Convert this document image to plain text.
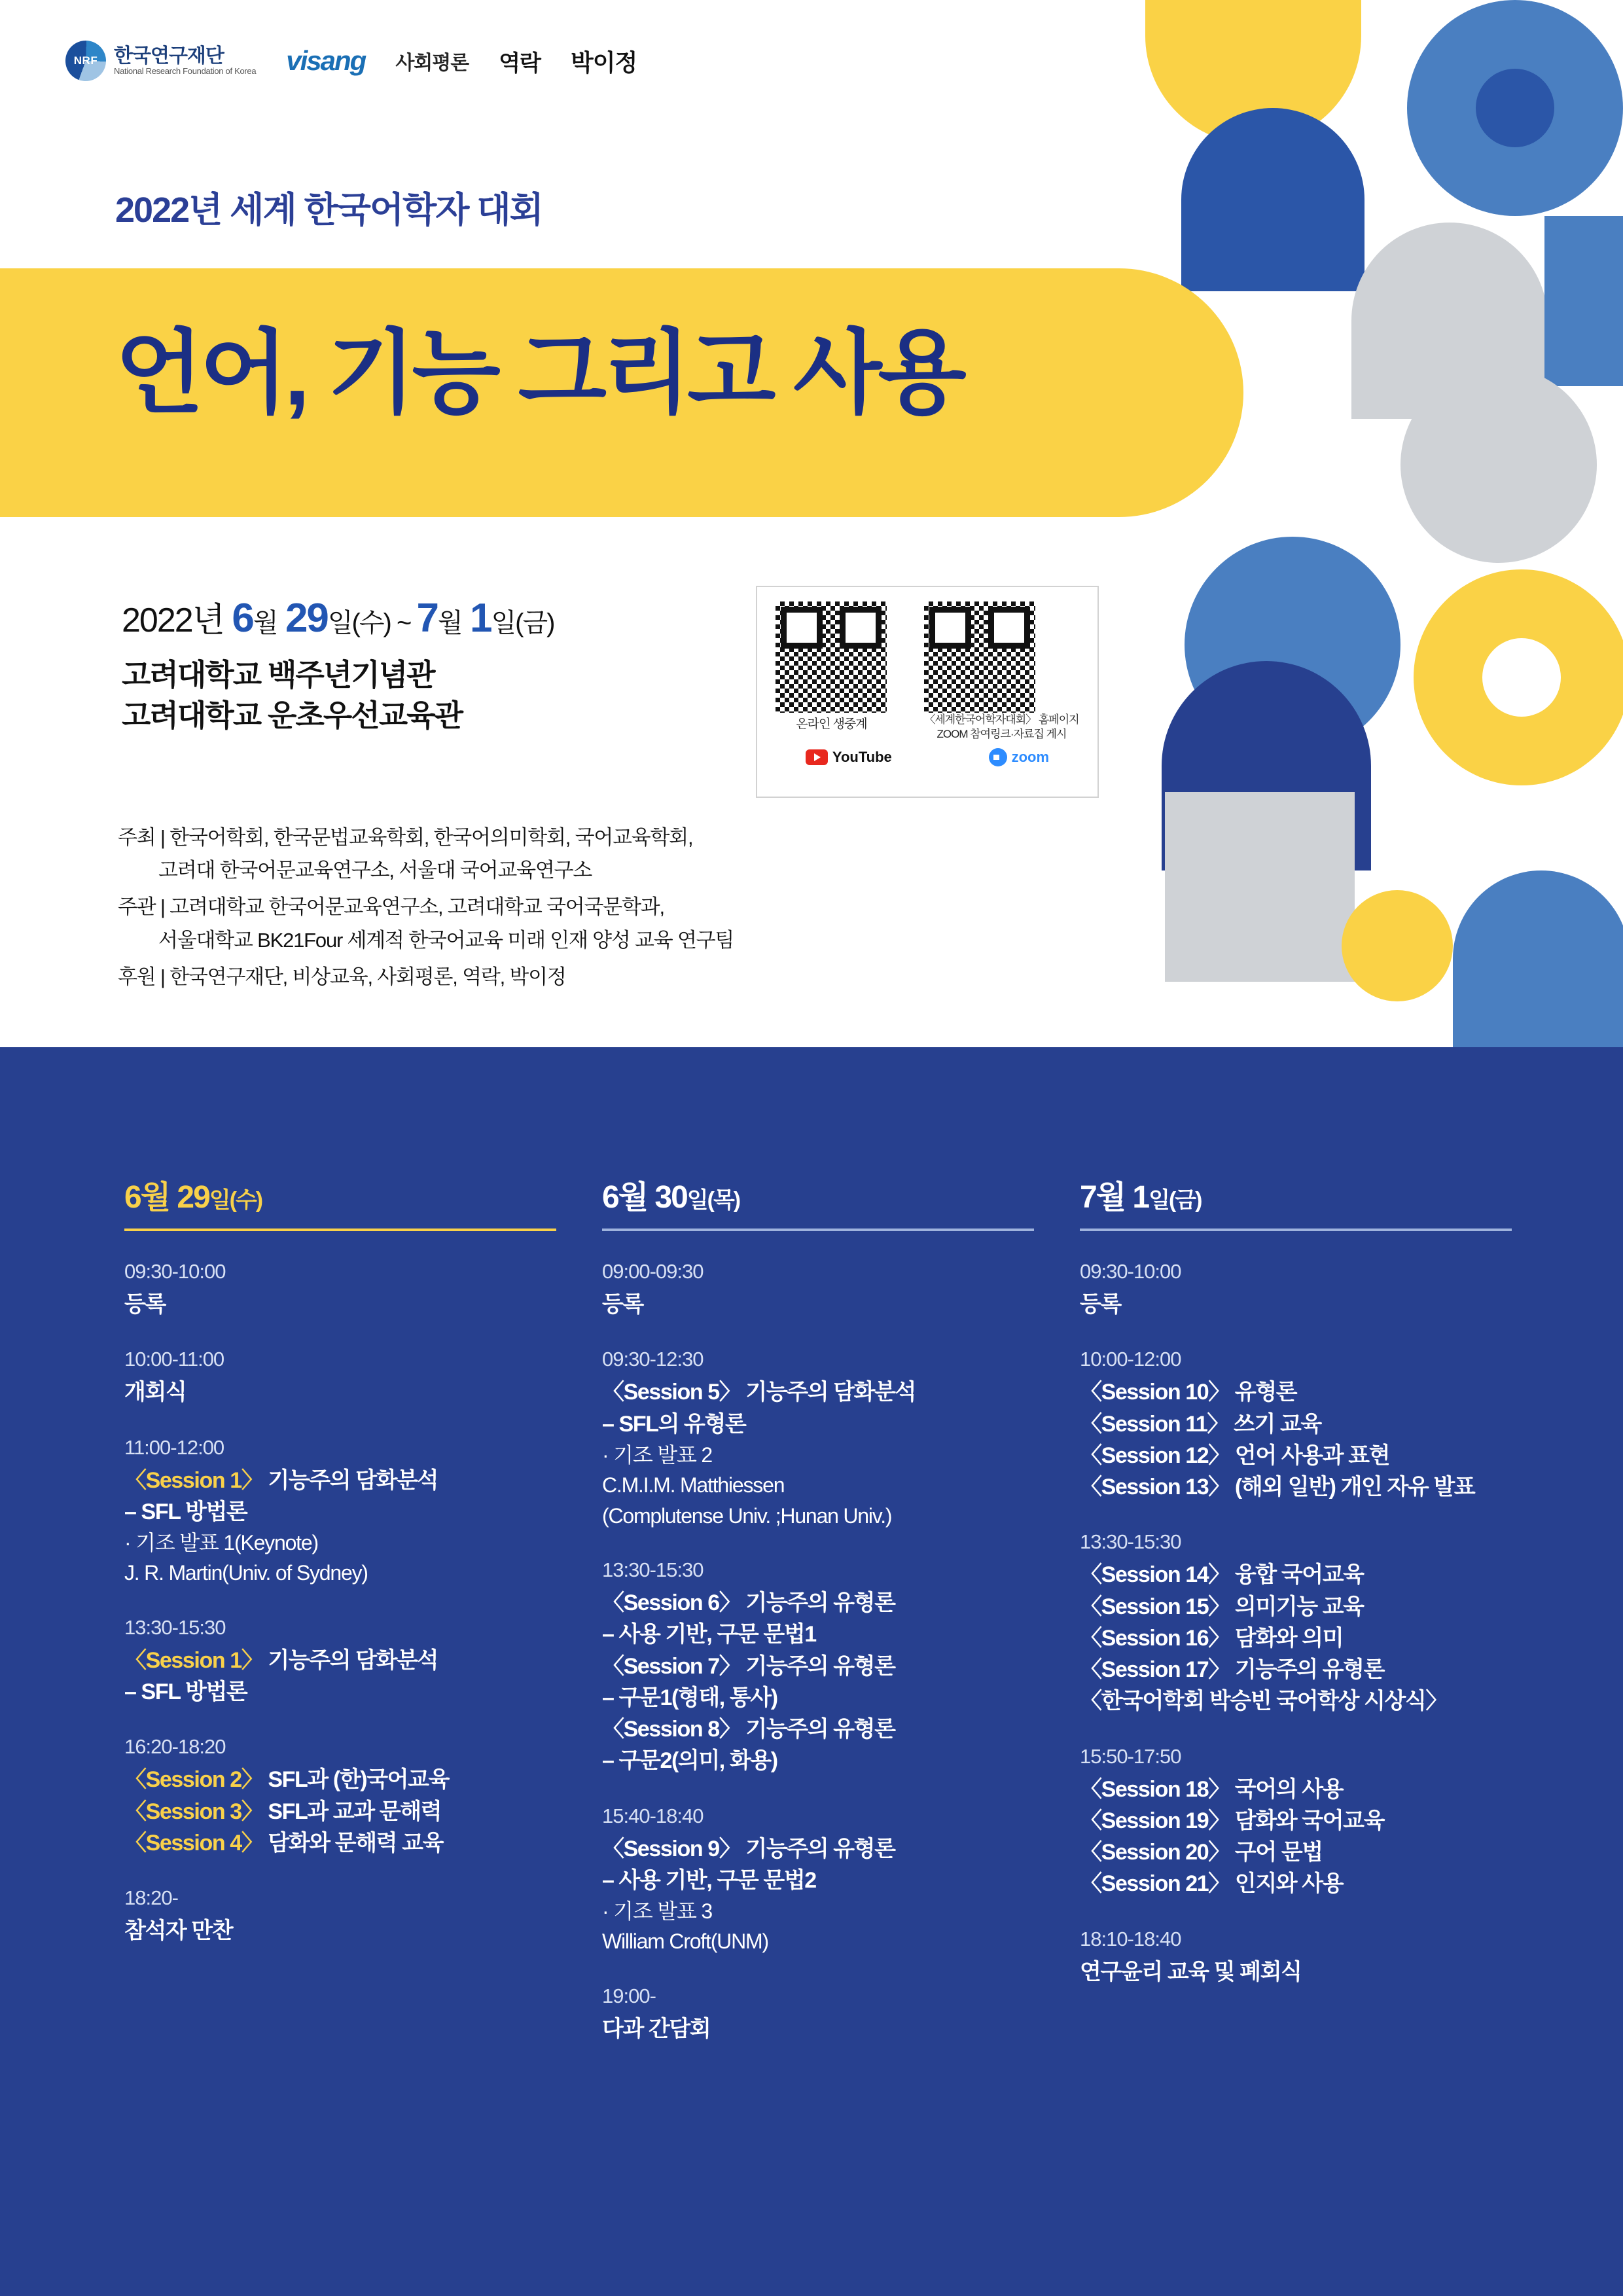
NRF
한국연구재단
National Research Foundation of Korea visang 사회평론 역락 박이정
2022년 세계 한국어학자 대회
언어, 기능 그리고 사용
2022년 6월 29일(수) ~ 7월 1일(금)
고려대학교 백주년기념관
고려대학교 운초우선교육관	온라인 생중계	〈세계한국어학자대회〉 홈페이지
ZOOM 참여링크·자료집 게시
YouTube	zoom
주최 | 한국어학회, 한국문법교육학회, 한국어의미학회, 국어교육학회,
고려대 한국어문교육연구소, 서울대 국어교육연구소
주관 | 고려대학교 한국어문교육연구소, 고려대학교 국어국문학과,
서울대학교 BK21Four 세계적 한국어교육 미래 인재 양성 교육 연구팀
후원 | 한국연구재단, 비상교육, 사회평론, 역락, 박이정
6월 29일(수)
09:30-10:00
등록
10:00-11:00
개회식
11:00-12:00
〈Session 1〉 기능주의 담화분석
– SFL 방법론
· 기조 발표 1(Keynote)
J. R. Martin(Univ. of Sydney)
13:30-15:30
〈Session 1〉 기능주의 담화분석
– SFL 방법론
16:20-18:20
〈Session 2〉 SFL과 (한)국어교육
〈Session 3〉 SFL과 교과 문해력
〈Session 4〉 담화와 문해력 교육
18:20-
참석자 만찬
6월 30일(목)
09:00-09:30
등록
09:30-12:30
〈Session 5〉 기능주의 담화분석
– SFL의 유형론
· 기조 발표 2
C.M.I.M. Matthiessen
(Complutense Univ. ;Hunan Univ.)
13:30-15:30
〈Session 6〉 기능주의 유형론
– 사용 기반, 구문 문법1
〈Session 7〉 기능주의 유형론
– 구문1(형태, 통사)
〈Session 8〉 기능주의 유형론
– 구문2(의미, 화용)
15:40-18:40
〈Session 9〉 기능주의 유형론
– 사용 기반, 구문 문법2
· 기조 발표 3
William Croft(UNM)
19:00-
다과 간담회
7월 1일(금)
09:30-10:00
등록
10:00-12:00
〈Session 10〉 유형론
〈Session 11〉 쓰기 교육
〈Session 12〉 언어 사용과 표현
〈Session 13〉 (해외 일반) 개인 자유 발표
13:30-15:30
〈Session 14〉 융합 국어교육
〈Session 15〉 의미기능 교육
〈Session 16〉 담화와 의미
〈Session 17〉 기능주의 유형론
〈한국어학회 박승빈 국어학상 시상식〉
15:50-17:50
〈Session 18〉 국어의 사용
〈Session 19〉 담화와 국어교육
〈Session 20〉 구어 문법
〈Session 21〉 인지와 사용
18:10-18:40
연구윤리 교육 및 폐회식
